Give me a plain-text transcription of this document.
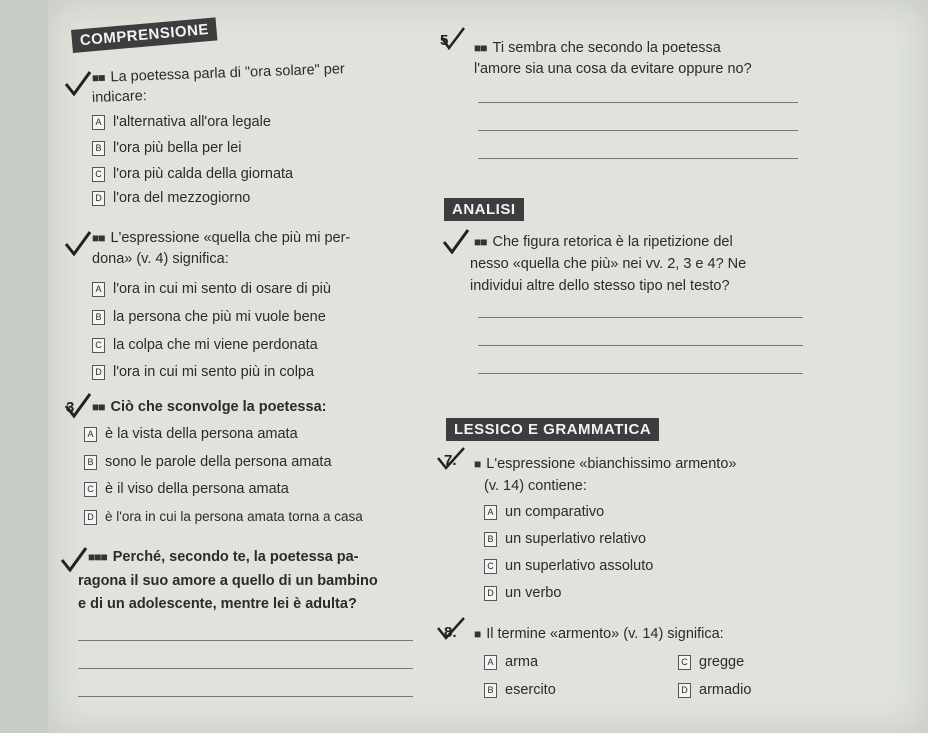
COMPRENSIONE
■■ La poetessa parla di "ora solare" per
indicare:
A l'alternativa all'ora legale
B l'ora più bella per lei
C l'ora più calda della giornata
D l'ora del mezzogiorno
■■ L'espressione «quella che più mi per-
dona» (v. 4) significa:
A l'ora in cui mi sento di osare di più
B la persona che più mi vuole bene
C la colpa che mi viene perdonata
D l'ora in cui mi sento più in colpa
3 ■■ Ciò che sconvolge la poetessa:
A è la vista della persona amata
B sono le parole della persona amata
C è il viso della persona amata
D è l'ora in cui la persona amata torna a casa
■■■ Perché, secondo te, la poetessa pa-
ragona il suo amore a quello di un bambino
e di un adolescente, mentre lei è adulta?
5 ■■ Ti sembra che secondo la poetessa
l'amore sia una cosa da evitare oppure no?
ANALISI
■■ Che figura retorica è la ripetizione del
nesso «quella che più» nei vv. 2, 3 e 4? Ne
individui altre dello stesso tipo nel testo?
LESSICO E GRAMMATICA
7. ■ L'espressione «bianchissimo armento»
(v. 14) contiene:
A un comparativo
B un superlativo relativo
C un superlativo assoluto
D un verbo
8. ■ Il termine «armento» (v. 14) significa:
A arma
B esercito
C gregge
D armadio
